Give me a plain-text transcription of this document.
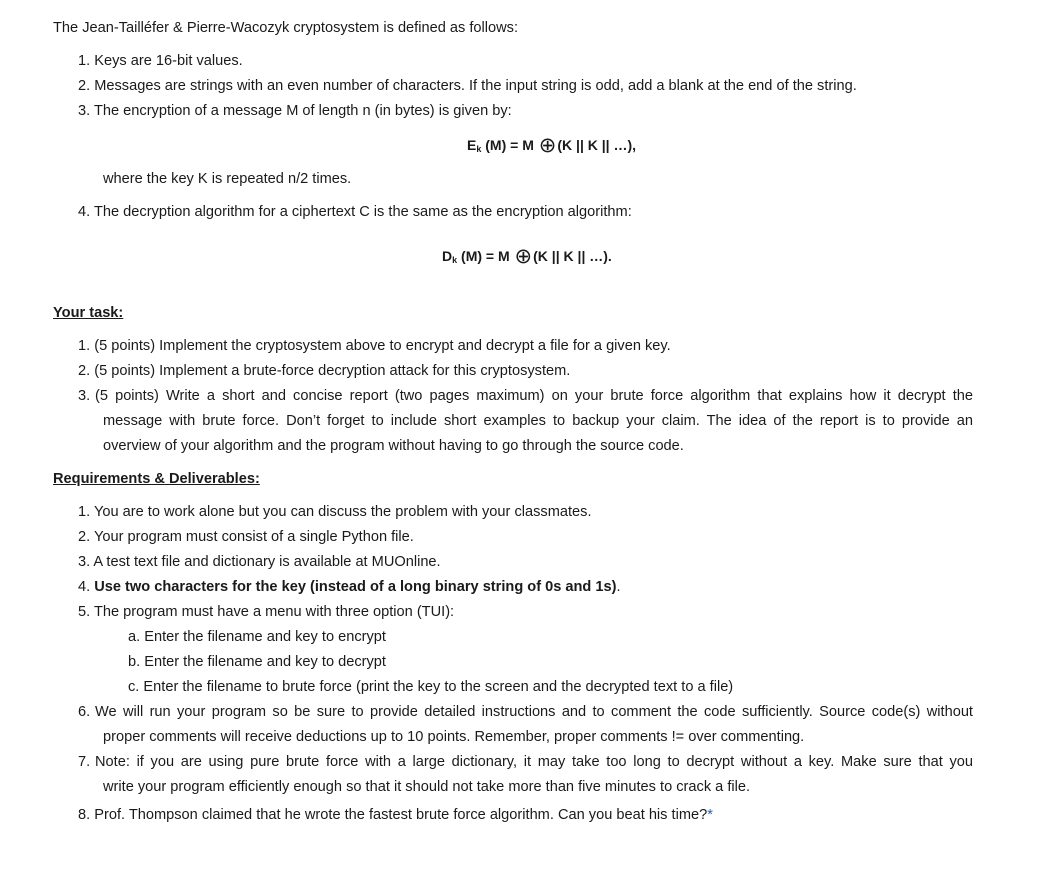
The Jean-Tailléfer & Pierre-Wacozyk cryptosystem is defined as follows:
1. Keys are 16-bit values.
2. Messages are strings with an even number of characters. If the input string is odd, add a blank at the end of the string.
3. The encryption of a message M of length n (in bytes) is given by:
$E_k$ (M) = M ⊕(K || K || …),
where the key K is repeated n/2 times.
4. The decryption algorithm for a ciphertext C is the same as the encryption algorithm:
$D_k$ (M) = M ⊕(K || K || …).
Your task:
1. (5 points) Implement the cryptosystem above to encrypt and decrypt a file for a given key.
2. (5 points) Implement a brute-force decryption attack for this cryptosystem.
3. (5 points) Write a short and concise report (two pages maximum) on your brute force algorithm that explains how it decrypt the
message with brute force. Don’t forget to include short examples to backup your claim. The idea of the report is to provide an
overview of your algorithm and the program without having to go through the source code.
Requirements & Deliverables:
1. You are to work alone but you can discuss the problem with your classmates.
2. Your program must consist of a single Python file.
3. A test text file and dictionary is available at MUOnline.
4. Use two characters for the key (instead of a long binary string of 0s and 1s).
5. The program must have a menu with three option (TUI):
a. Enter the filename and key to encrypt
b. Enter the filename and key to decrypt
c. Enter the filename to brute force (print the key to the screen and the decrypted text to a file)
6. We will run your program so be sure to provide detailed instructions and to comment the code sufficiently. Source code(s) without
proper comments will receive deductions up to 10 points. Remember, proper comments != over commenting.
7. Note: if you are using pure brute force with a large dictionary, it may take too long to decrypt without a key. Make sure that you
write your program efficiently enough so that it should not take more than five minutes to crack a file.
8. Prof. Thompson claimed that he wrote the fastest brute force algorithm. Can you beat his time?*
